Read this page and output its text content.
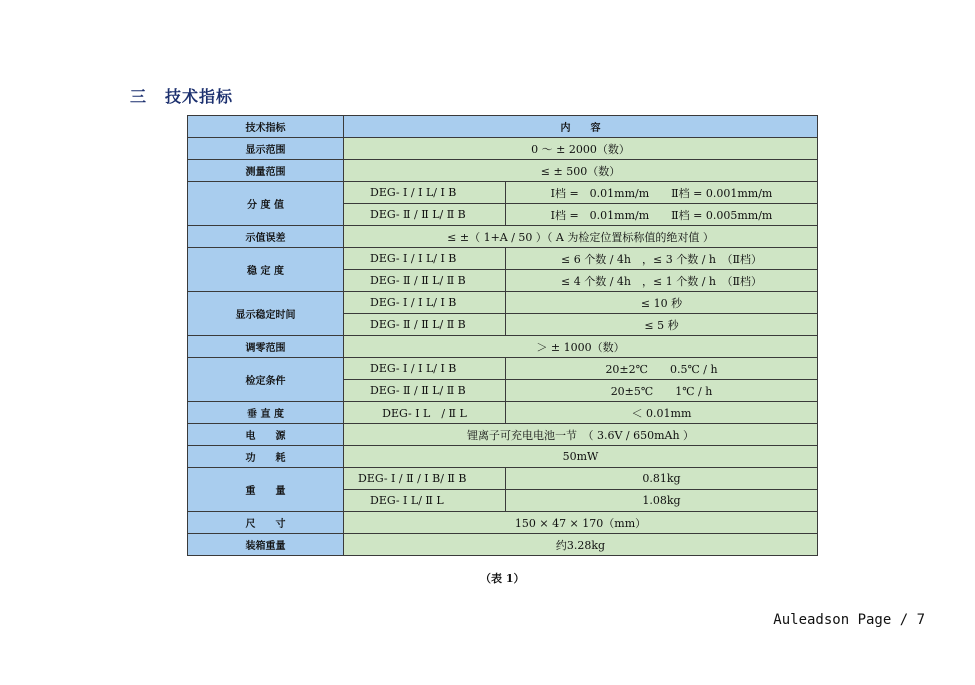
三 技术指标
技术指标	内　　容	
显示范围	0 ～ ± 2000（数）	
测量范围	≤ ± 500（数）	
分 度 值	DEG- Ⅰ / Ⅰ L/ Ⅰ B	Ⅰ档 =　0.01mm/m　　Ⅱ档 = 0.001mm/m
	DEG- Ⅱ / Ⅱ L/ Ⅱ B	Ⅰ档 =　0.01mm/m　　Ⅱ档 = 0.005mm/m
示值误差	≤ ±（ 1+A / 50 ）（ A 为检定位置标称值的绝对值 ）	
稳 定 度	DEG- Ⅰ / Ⅰ L/ Ⅰ B	≤ 6 个数 / 4h　，≤ 3 个数 / h　（Ⅱ档）
	DEG- Ⅱ / Ⅱ L/ Ⅱ B	≤ 4 个数 / 4h　，≤ 1 个数 / h　（Ⅱ档）
显示稳定时间	DEG- Ⅰ / Ⅰ L/ Ⅰ B	≤ 10 秒
	DEG- Ⅱ / Ⅱ L/ Ⅱ B	≤ 5 秒
调零范围	＞ ± 1000（数）	
检定条件	DEG- Ⅰ / Ⅰ L/ Ⅰ B	20±2℃　　0.5℃ / h
	DEG- Ⅱ / Ⅱ L/ Ⅱ B	20±5℃　　1℃ / h
垂 直 度	DEG- Ⅰ L　/ Ⅱ L	＜ 0.01mm
电　　源	锂离子可充电电池一节　（ 3.6V / 650mAh ）	
功　　耗	50mW	
重　　量	DEG- Ⅰ / Ⅱ / Ⅰ B/ Ⅱ B	0.81kg
	DEG- Ⅰ L/ Ⅱ L	1.08kg
尺　　寸	150 × 47 × 170（mm）	
装箱重量	约3.28kg	
（表 1）
Auleadson Page / 7
